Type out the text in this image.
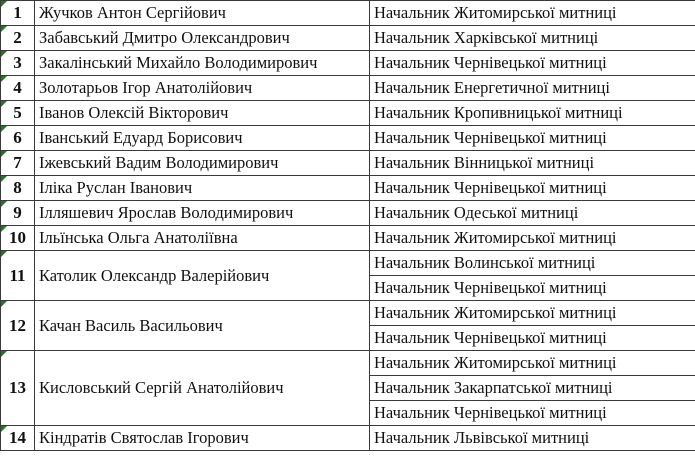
1	Жучков Антон Сергійович	Начальник Житомирської митниці
2	Забавський Дмитро Олександрович	Начальник Харківської митниці
3	Закалінський Михайло Володимирович	Начальник Чернівецької митниці
4	Золотарьов Ігор Анатолійович	Начальник Енергетичної митниці
5	Іванов Олексій Вікторович	Начальник Кропивницької митниці
6	Іванський Едуард Борисович	Начальник Чернівецької митниці
7	Іжевський Вадим Володимирович	Начальник Вінницької митниці
8	Іліка Руслан Іванович	Начальник Чернівецької митниці
9	Ілляшевич Ярослав Володимирович	Начальник Одеської митниці
10	Ільїнська Ольга Анатоліївна	Начальник Житомирської митниці
11	Католик Олександр Валерійович	Начальник Волинської митниці
		Начальник Чернівецької митниці
12	Качан Василь Васильович	Начальник Житомирської митниці
		Начальник Чернівецької митниці
13	Кисловський Сергій Анатолійович	Начальник Житомирської митниці
		Начальник Закарпатської митниці
		Начальник Чернівецької митниці
14	Кіндратів Святослав Ігорович	Начальник Львівської митниці
